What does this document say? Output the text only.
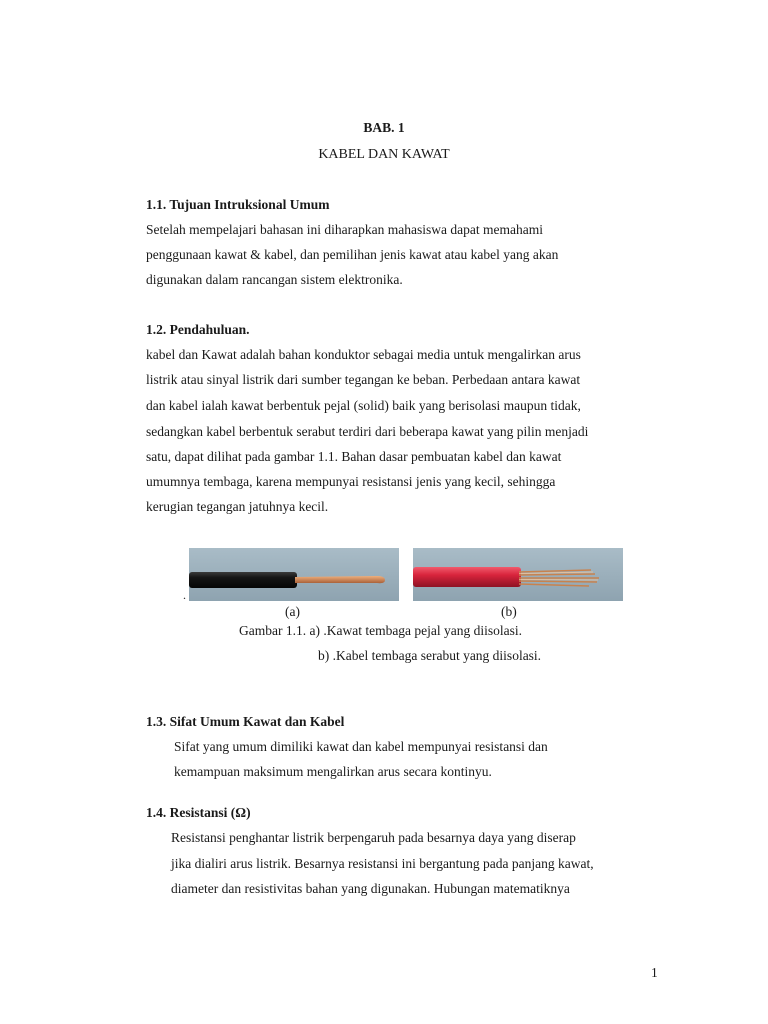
BAB. 1
KABEL DAN KAWAT
1.1. Tujuan Intruksional Umum
Setelah mempelajari bahasan ini diharapkan mahasiswa dapat memahami
penggunaan kawat & kabel, dan pemilihan jenis kawat atau kabel yang akan
digunakan dalam rancangan sistem elektronika.
1.2. Pendahuluan.
kabel dan Kawat adalah bahan konduktor sebagai media untuk mengalirkan arus
listrik atau sinyal listrik dari sumber tegangan ke beban. Perbedaan antara kawat
dan kabel ialah kawat berbentuk pejal (solid) baik yang berisolasi maupun tidak,
sedangkan kabel berbentuk serabut terdiri dari beberapa kawat yang pilin menjadi
satu, dapat dilihat pada gambar 1.1. Bahan dasar pembuatan kabel dan kawat
umumnya tembaga, karena mempunyai resistansi jenis yang kecil, sehingga
kerugian tegangan jatuhnya kecil.
.
(a)	(b)
Gambar 1.1. a) .Kawat tembaga pejal yang diisolasi.
b) .Kabel tembaga serabut yang diisolasi.
1.3. Sifat Umum Kawat dan Kabel
Sifat yang umum dimiliki kawat dan kabel mempunyai resistansi dan
kemampuan maksimum mengalirkan arus secara kontinyu.
1.4. Resistansi (Ω)
Resistansi penghantar listrik berpengaruh pada besarnya daya yang diserap
jika dialiri arus listrik. Besarnya resistansi ini bergantung pada panjang kawat,
diameter dan resistivitas bahan yang digunakan. Hubungan matematiknya
1
